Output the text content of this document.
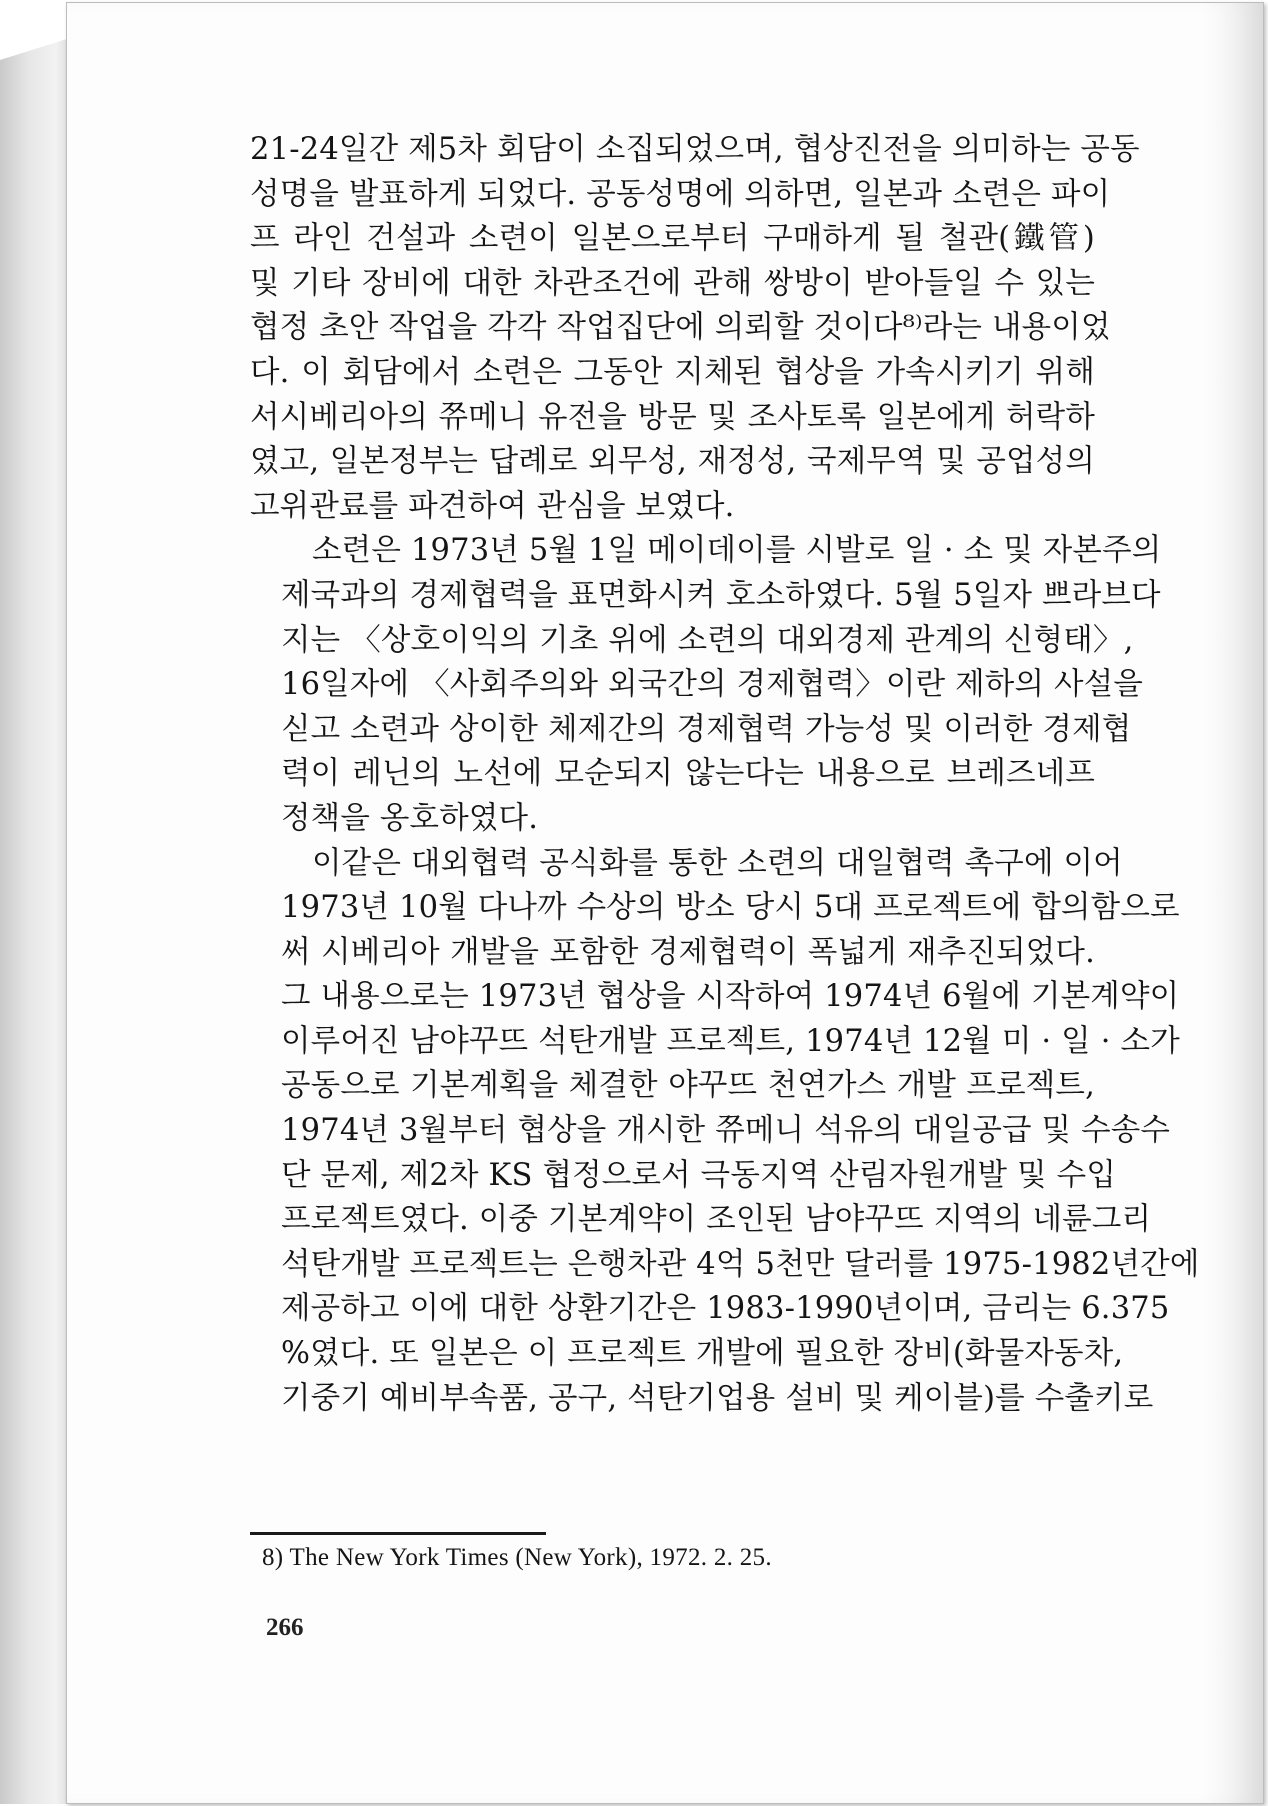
21-24일간 제5차 회담이 소집되었으며, 협상진전을 의미하는 공동
성명을 발표하게 되었다. 공동성명에 의하면, 일본과 소련은 파이
프 라인 건설과 소련이 일본으로부터 구매하게 될 철관(鐵管)
및 기타 장비에 대한 차관조건에 관해 쌍방이 받아들일 수 있는
협정 초안 작업을 각각 작업집단에 의뢰할 것이다⁸⁾라는 내용이었
다. 이 회담에서 소련은 그동안 지체된 협상을 가속시키기 위해
서시베리아의 쮸메니 유전을 방문 및 조사토록 일본에게 허락하
였고, 일본정부는 답례로 외무성, 재정성, 국제무역 및 공업성의
고위관료를 파견하여 관심을 보였다.
소련은 1973년 5월 1일 메이데이를 시발로 일 · 소 및 자본주의
제국과의 경제협력을 표면화시켜 호소하였다. 5월 5일자 쁘라브다
지는 〈상호이익의 기초 위에 소련의 대외경제 관계의 신형태〉,
16일자에 〈사회주의와 외국간의 경제협력〉이란 제하의 사설을
싣고 소련과 상이한 체제간의 경제협력 가능성 및 이러한 경제협
력이 레닌의 노선에 모순되지 않는다는 내용으로 브레즈네프
정책을 옹호하였다.
이같은 대외협력 공식화를 통한 소련의 대일협력 촉구에 이어
1973년 10월 다나까 수상의 방소 당시 5대 프로젝트에 합의함으로
써 시베리아 개발을 포함한 경제협력이 폭넓게 재추진되었다.
그 내용으로는 1973년 협상을 시작하여 1974년 6월에 기본계약이
이루어진 남야꾸뜨 석탄개발 프로젝트, 1974년 12월 미 · 일 · 소가
공동으로 기본계획을 체결한 야꾸뜨 천연가스 개발 프로젝트,
1974년 3월부터 협상을 개시한 쮸메니 석유의 대일공급 및 수송수
단 문제, 제2차 KS 협정으로서 극동지역 산림자원개발 및 수입
프로젝트였다. 이중 기본계약이 조인된 남야꾸뜨 지역의 네륜그리
석탄개발 프로젝트는 은행차관 4억 5천만 달러를 1975-1982년간에
제공하고 이에 대한 상환기간은 1983-1990년이며, 금리는 6.375
%였다. 또 일본은 이 프로젝트 개발에 필요한 장비(화물자동차,
기중기 예비부속품, 공구, 석탄기업용 설비 및 케이블)를 수출키로
8) The New York Times (New York), 1972. 2. 25.
266
